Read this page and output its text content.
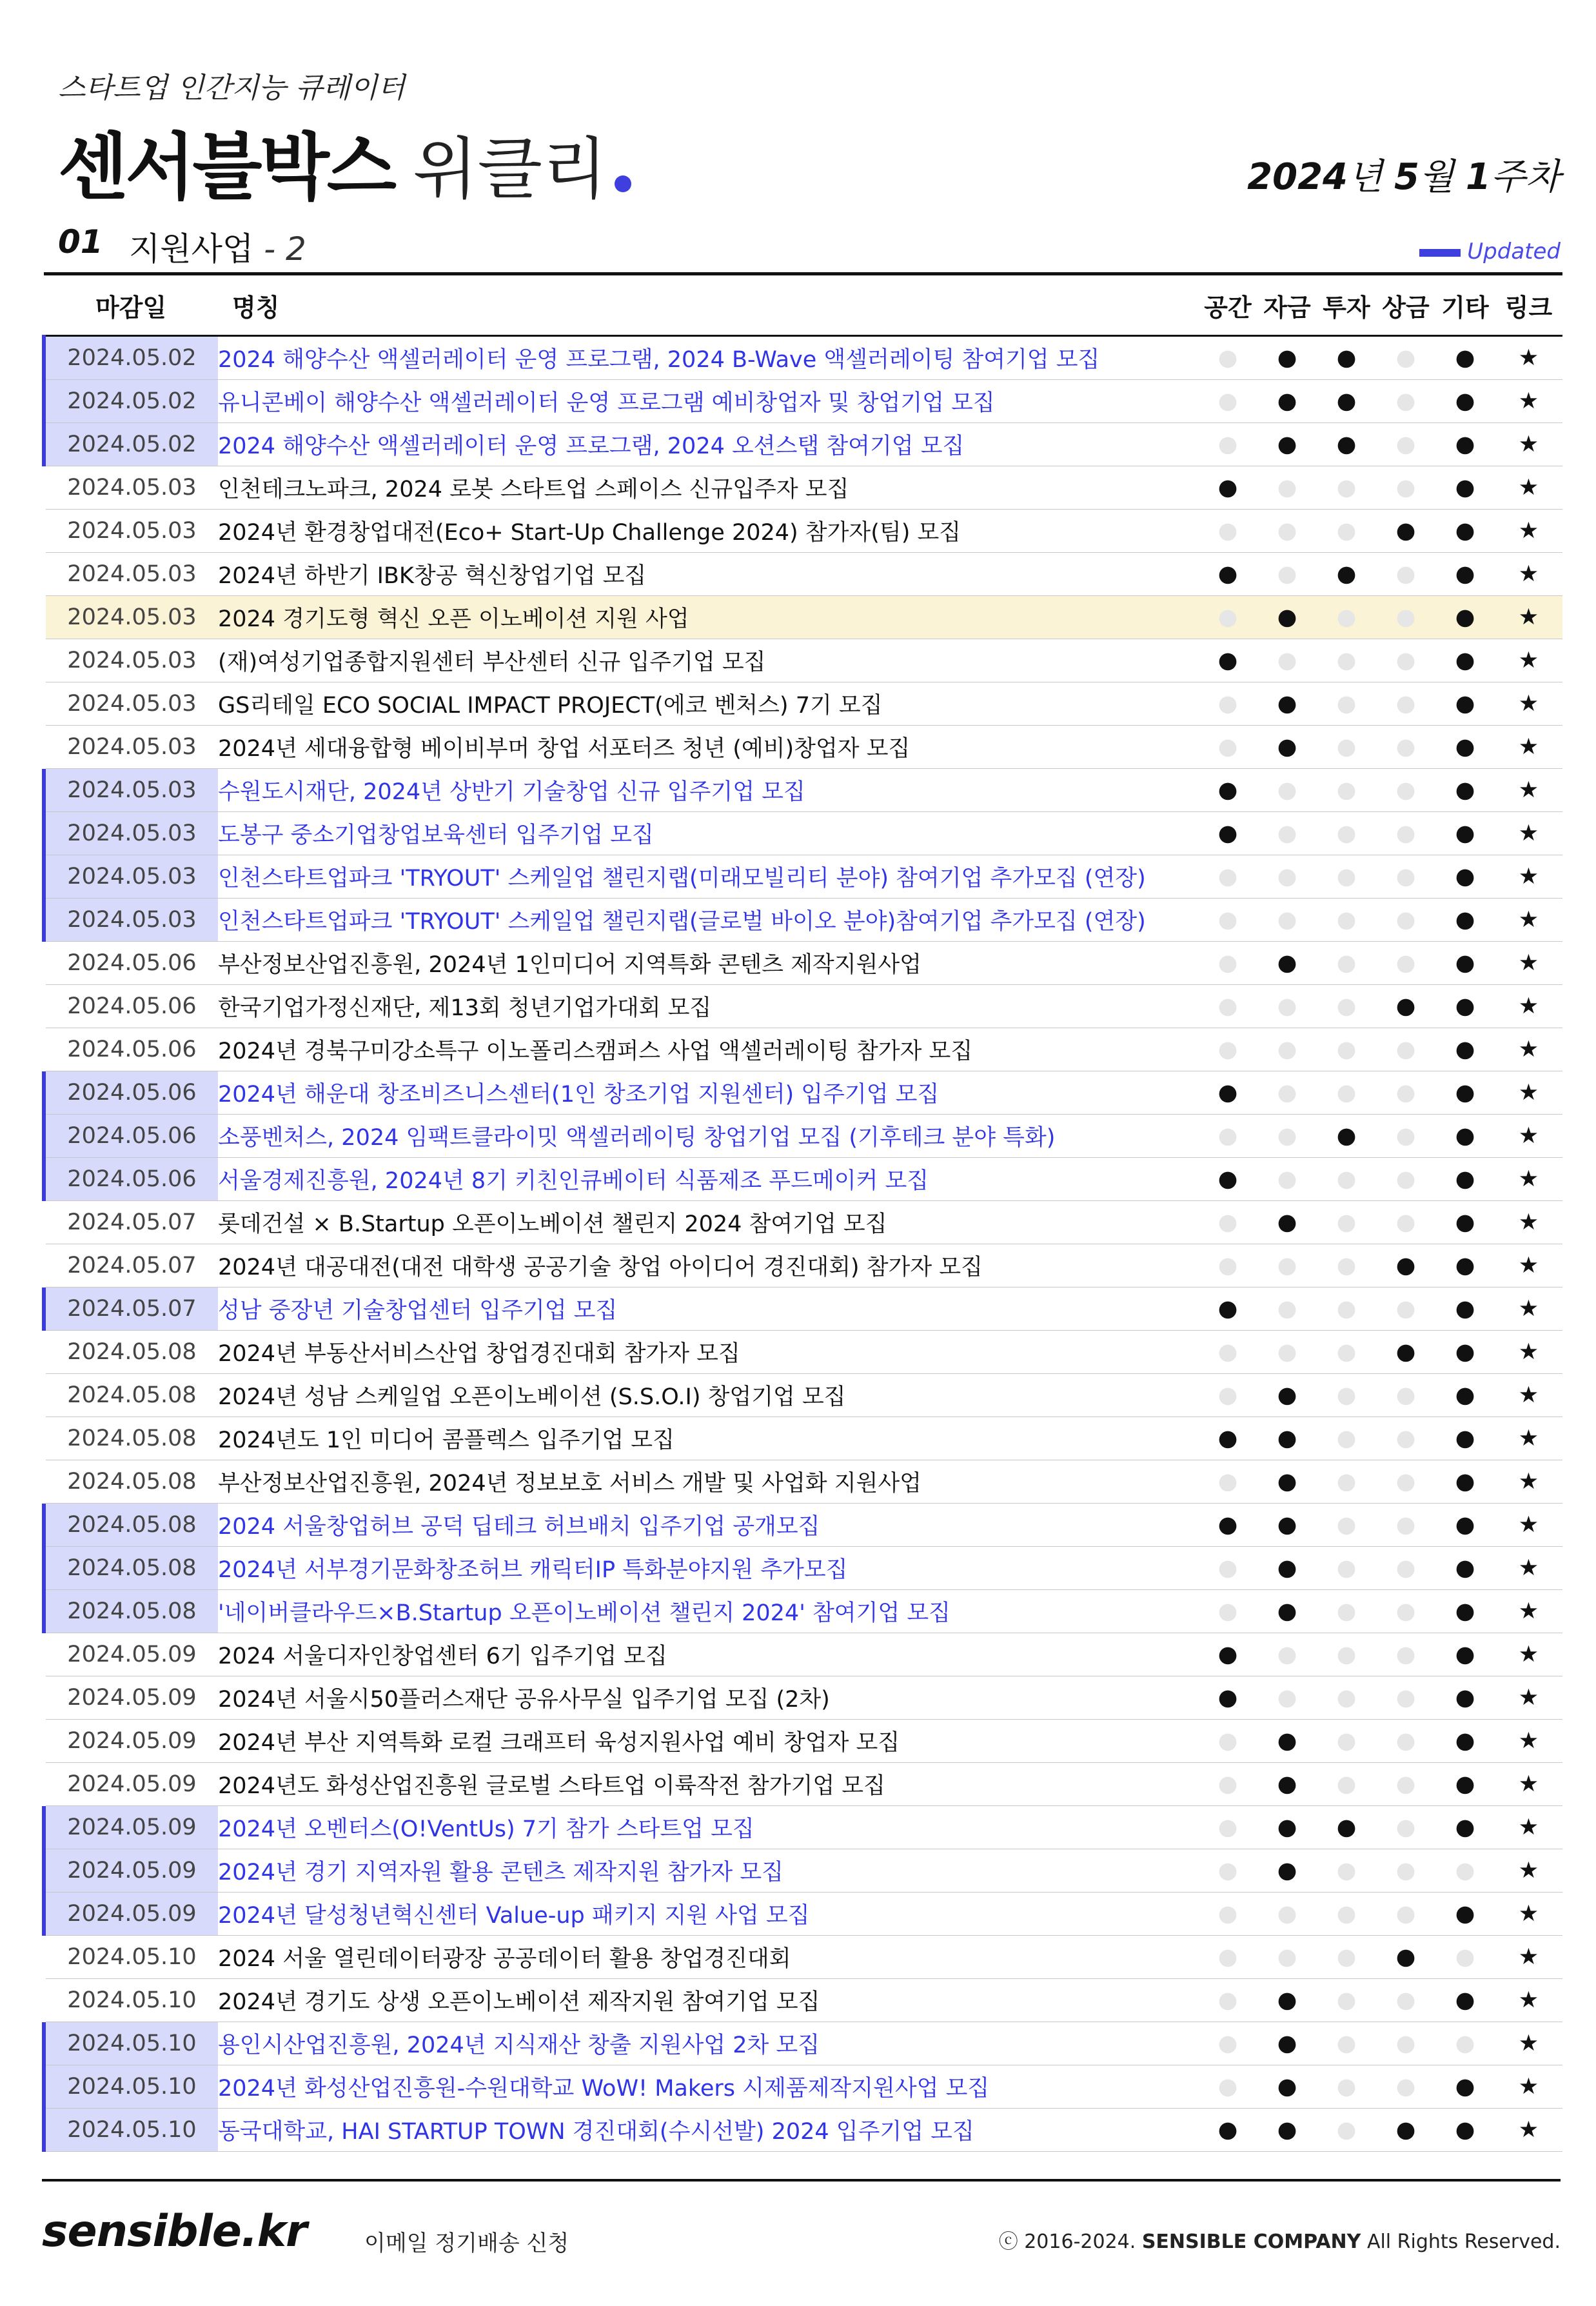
스타트업 인간지능 큐레이터
센서블박스 위클리	2024년 5월 1주차
01 지원사업 - 2	Updated
마감일	명칭	공간	자금	투자	상금	기타	링크
2024.05.02	2024 해양수산 액셀러레이터 운영 프로그램, 2024 B-Wave 액셀러레이팅 참여기업 모집	●	●	●	●	●	★
2024.05.02	유니콘베이 해양수산 액셀러레이터 운영 프로그램 예비창업자 및 창업기업 모집	●	●	●	●	●	★
2024.05.02	2024 해양수산 액셀러레이터 운영 프로그램, 2024 오션스탭 참여기업 모집	●	●	●	●	●	★
2024.05.03	인천테크노파크, 2024 로봇 스타트업 스페이스 신규입주자 모집	●	●	●	●	●	★
2024.05.03	2024년 환경창업대전(Eco+ Start-Up Challenge 2024) 참가자(팀) 모집	●	●	●	●	●	★
2024.05.03	2024년 하반기 IBK창공 혁신창업기업 모집	●	●	●	●	●	★
2024.05.03	2024 경기도형 혁신 오픈 이노베이션 지원 사업	●	●	●	●	●	★
2024.05.03	(재)여성기업종합지원센터 부산센터 신규 입주기업 모집	●	●	●	●	●	★
2024.05.03	GS리테일 ECO SOCIAL IMPACT PROJECT(에코 벤처스) 7기 모집	●	●	●	●	●	★
2024.05.03	2024년 세대융합형 베이비부머 창업 서포터즈 청년 (예비)창업자 모집	●	●	●	●	●	★
2024.05.03	수원도시재단, 2024년 상반기 기술창업 신규 입주기업 모집	●	●	●	●	●	★
2024.05.03	도봉구 중소기업창업보육센터 입주기업 모집	●	●	●	●	●	★
2024.05.03	인천스타트업파크 'TRYOUT' 스케일업 챌린지랩(미래모빌리티 분야) 참여기업 추가모집 (연장)	●	●	●	●	●	★
2024.05.03	인천스타트업파크 'TRYOUT' 스케일업 챌린지랩(글로벌 바이오 분야)참여기업 추가모집 (연장)	●	●	●	●	●	★
2024.05.06	부산정보산업진흥원, 2024년 1인미디어 지역특화 콘텐츠 제작지원사업	●	●	●	●	●	★
2024.05.06	한국기업가정신재단, 제13회 청년기업가대회 모집	●	●	●	●	●	★
2024.05.06	2024년 경북구미강소특구 이노폴리스캠퍼스 사업 액셀러레이팅 참가자 모집	●	●	●	●	●	★
2024.05.06	2024년 해운대 창조비즈니스센터(1인 창조기업 지원센터) 입주기업 모집	●	●	●	●	●	★
2024.05.06	소풍벤처스, 2024 임팩트클라이밋 액셀러레이팅 창업기업 모집 (기후테크 분야 특화)	●	●	●	●	●	★
2024.05.06	서울경제진흥원, 2024년 8기 키친인큐베이터 식품제조 푸드메이커 모집	●	●	●	●	●	★
2024.05.07	롯데건설 × B.Startup 오픈이노베이션 챌린지 2024 참여기업 모집	●	●	●	●	●	★
2024.05.07	2024년 대공대전(대전 대학생 공공기술 창업 아이디어 경진대회) 참가자 모집	●	●	●	●	●	★
2024.05.07	성남 중장년 기술창업센터 입주기업 모집	●	●	●	●	●	★
2024.05.08	2024년 부동산서비스산업 창업경진대회 참가자 모집	●	●	●	●	●	★
2024.05.08	2024년 성남 스케일업 오픈이노베이션 (S.S.O.I) 창업기업 모집	●	●	●	●	●	★
2024.05.08	2024년도 1인 미디어 콤플렉스 입주기업 모집	●	●	●	●	●	★
2024.05.08	부산정보산업진흥원, 2024년 정보보호 서비스 개발 및 사업화 지원사업	●	●	●	●	●	★
2024.05.08	2024 서울창업허브 공덕 딥테크 허브배치 입주기업 공개모집	●	●	●	●	●	★
2024.05.08	2024년 서부경기문화창조허브 캐릭터IP 특화분야지원 추가모집	●	●	●	●	●	★
2024.05.08	'네이버클라우드×B.Startup 오픈이노베이션 챌린지 2024' 참여기업 모집	●	●	●	●	●	★
2024.05.09	2024 서울디자인창업센터 6기 입주기업 모집	●	●	●	●	●	★
2024.05.09	2024년 서울시50플러스재단 공유사무실 입주기업 모집 (2차)	●	●	●	●	●	★
2024.05.09	2024년 부산 지역특화 로컬 크래프터 육성지원사업 예비 창업자 모집	●	●	●	●	●	★
2024.05.09	2024년도 화성산업진흥원 글로벌 스타트업 이륙작전 참가기업 모집	●	●	●	●	●	★
2024.05.09	2024년 오벤터스(O!VentUs) 7기 참가 스타트업 모집	●	●	●	●	●	★
2024.05.09	2024년 경기 지역자원 활용 콘텐츠 제작지원 참가자 모집	●	●	●	●	●	★
2024.05.09	2024년 달성청년혁신센터 Value-up 패키지 지원 사업 모집	●	●	●	●	●	★
2024.05.10	2024 서울 열린데이터광장 공공데이터 활용 창업경진대회	●	●	●	●	●	★
2024.05.10	2024년 경기도 상생 오픈이노베이션 제작지원 참여기업 모집	●	●	●	●	●	★
2024.05.10	용인시산업진흥원, 2024년 지식재산 창출 지원사업 2차 모집	●	●	●	●	●	★
2024.05.10	2024년 화성산업진흥원-수원대학교 WoW! Makers 시제품제작지원사업 모집	●	●	●	●	●	★
2024.05.10	동국대학교, HAI STARTUP TOWN 경진대회(수시선발) 2024 입주기업 모집	●	●	●	●	●	★
sensible.kr	이메일 정기배송 신청	ⓒ 2016-2024. SENSIBLE COMPANY All Rights Reserved.
